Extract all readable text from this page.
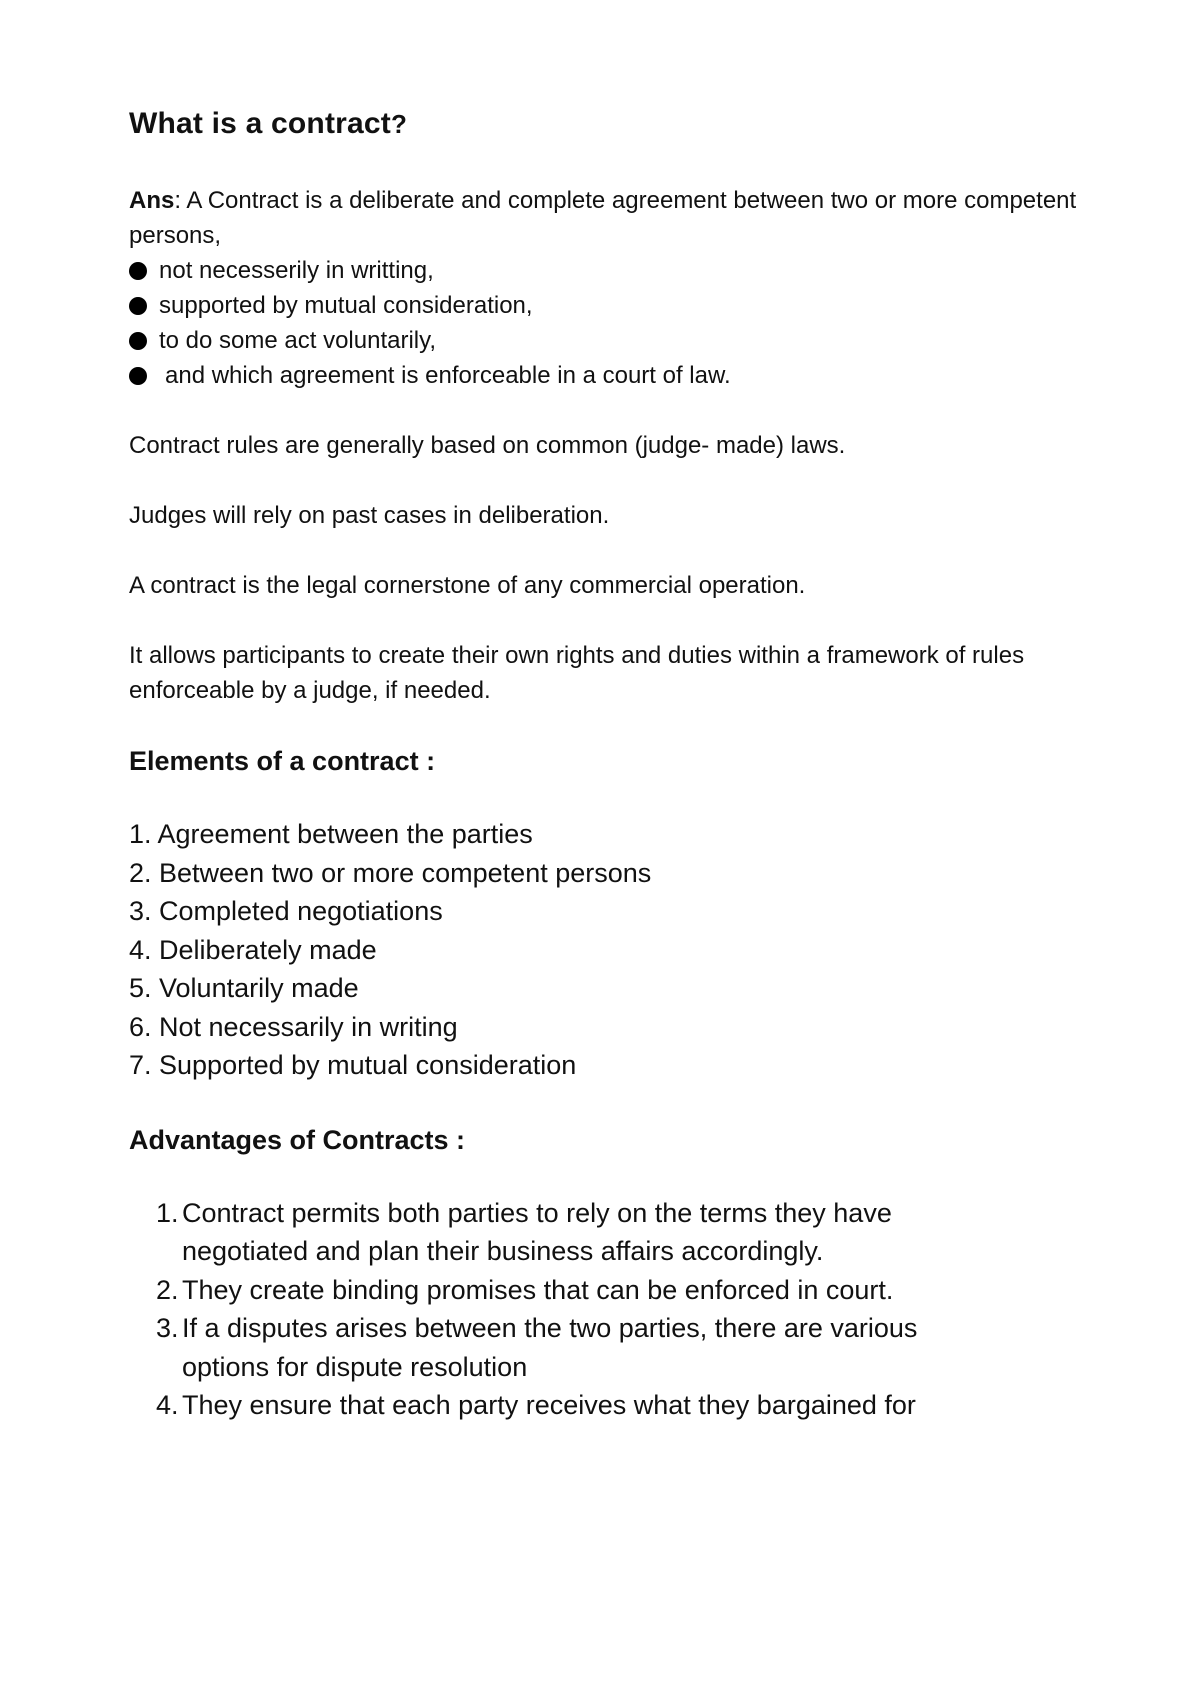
What is a contract?

Ans: A Contract is a deliberate and complete agreement between two or more competent persons,

not necesserily in writting,
supported by mutual consideration,
to do some act voluntarily,
and which agreement is enforceable in a court of law.

Contract rules are generally based on common (judge- made) laws.

Judges will rely on past cases in deliberation.

A contract is the legal cornerstone of any commercial operation.

It allows participants to create their own rights and duties within a framework of rules enforceable by a judge, if needed.

Elements of a contract :
1. Agreement between the parties
2. Between two or more competent persons
3. Completed negotiations
4. Deliberately made
5. Voluntarily made
6. Not necessarily in writing
7. Supported by mutual consideration
Advantages of Contracts :
1. Contract permits both parties to rely on the terms they have negotiated and plan their business affairs accordingly.
2. They create binding promises that can be enforced in court.
3. If a disputes arises between the two parties, there are various options for dispute resolution
4. They ensure that each party receives what they bargained for
